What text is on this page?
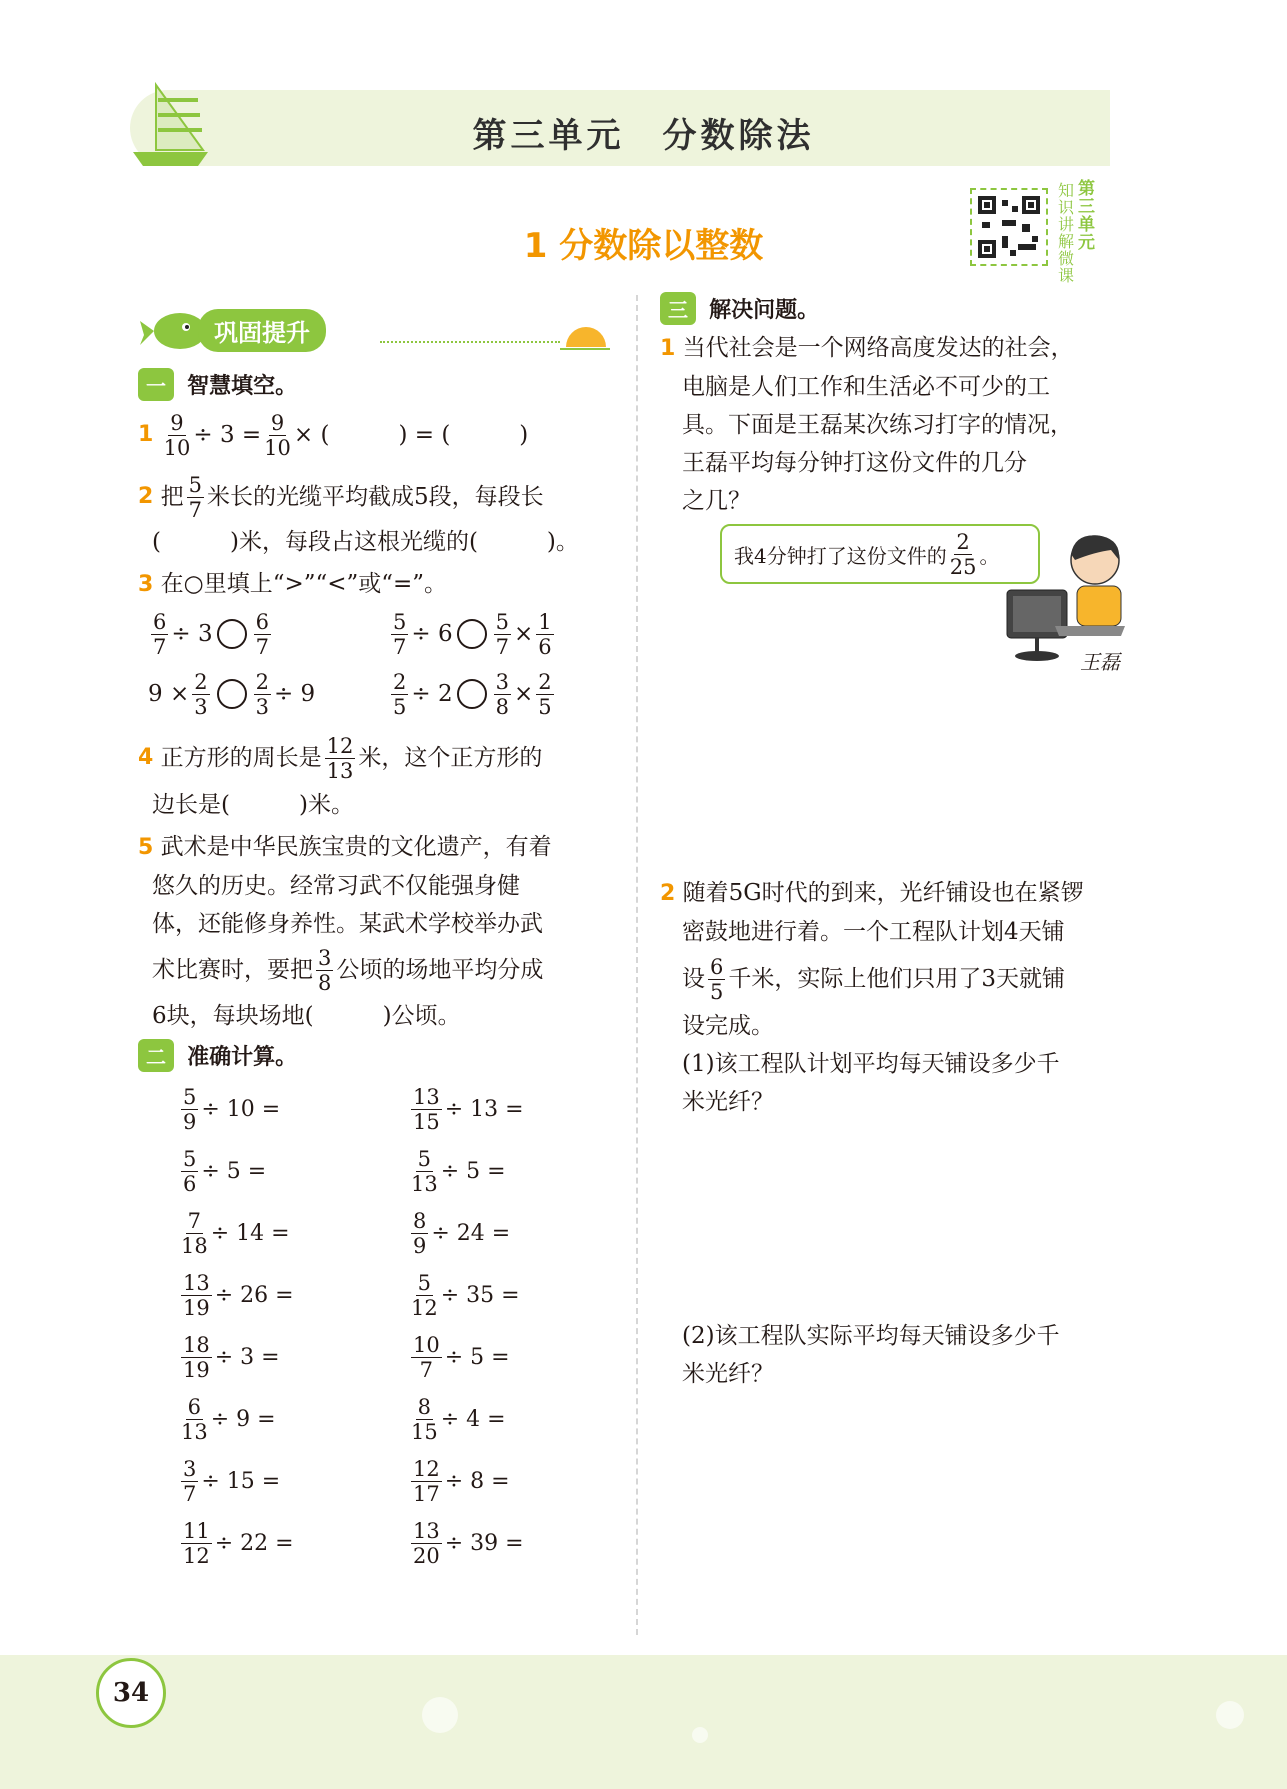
第三单元　分数除法
1 分数除以整数
知
识
讲
解
微
课
第
三
单
元
巩固提升
一 智慧填空。
1
$\frac{9}{10} \div 3 = \frac{9}{10}$ × (　　　) = (　　　)
2
把 $\frac{5}{7}$ 米长的光缆平均截成5段，每段长
(　　　)米，每段占这根光缆的(　　　)。
3 在○里填上“>”“<”或“=”。
$\frac{6}{7} \div 3 \frac{6}{7}$	$\frac{5}{7} \div 6 \frac{5}{7} \times \frac{1}{6}$
$9 \times \frac{2}{3} \frac{2}{3} \div 9$	$\frac{2}{5} \div 2 \frac{3}{8} \times \frac{2}{5}$
4
正方形的周长是 $\frac{12}{13}$ 米，这个正方形的
边长是(　　　)米。
5 武术是中华民族宝贵的文化遗产，有着
悠久的历史。经常习武不仅能强身健
体，还能修身养性。某武术学校举办武
术比赛时，要把 $\frac{3}{8}$ 公顷的场地平均分成
6块，每块场地(　　　)公顷。
二 准确计算。
$\frac{5}{9} \div 10$ =
$\frac{5}{6} \div 5$ =
$\frac{7}{18} \div 14$ =
$\frac{13}{19} \div 26$ =
$\frac{18}{19} \div 3$ =
$\frac{6}{13} \div 9$ =
$\frac{3}{7} \div 15$ =
$\frac{11}{12} \div 22$ =
$\frac{13}{15} \div 13$ =
$\frac{5}{13} \div 5$ =
$\frac{8}{9} \div 24$ =
$\frac{5}{12} \div 35$ =
$\frac{10}{7} \div 5$ =
$\frac{8}{15} \div 4$ =
$\frac{12}{17} \div 8$ =
$\frac{13}{20} \div 39$ =
三 解决问题。
1 当代社会是一个网络高度发达的社会，
电脑是人们工作和生活必不可少的工
具。下面是王磊某次练习打字的情况，
王磊平均每分钟打这份文件的几分
之几？
2 随着5G时代的到来，光纤铺设也在紧锣
密鼓地进行着。一个工程队计划4天铺
设 $\frac{6}{5}$ 千米，实际上他们只用了3天就铺
设完成。
(1)该工程队计划平均每天铺设多少千
米光纤？
(2)该工程队实际平均每天铺设多少千
米光纤？
我4分钟打了这份文件的 $\frac{2}{25}$ 。
王磊
34
